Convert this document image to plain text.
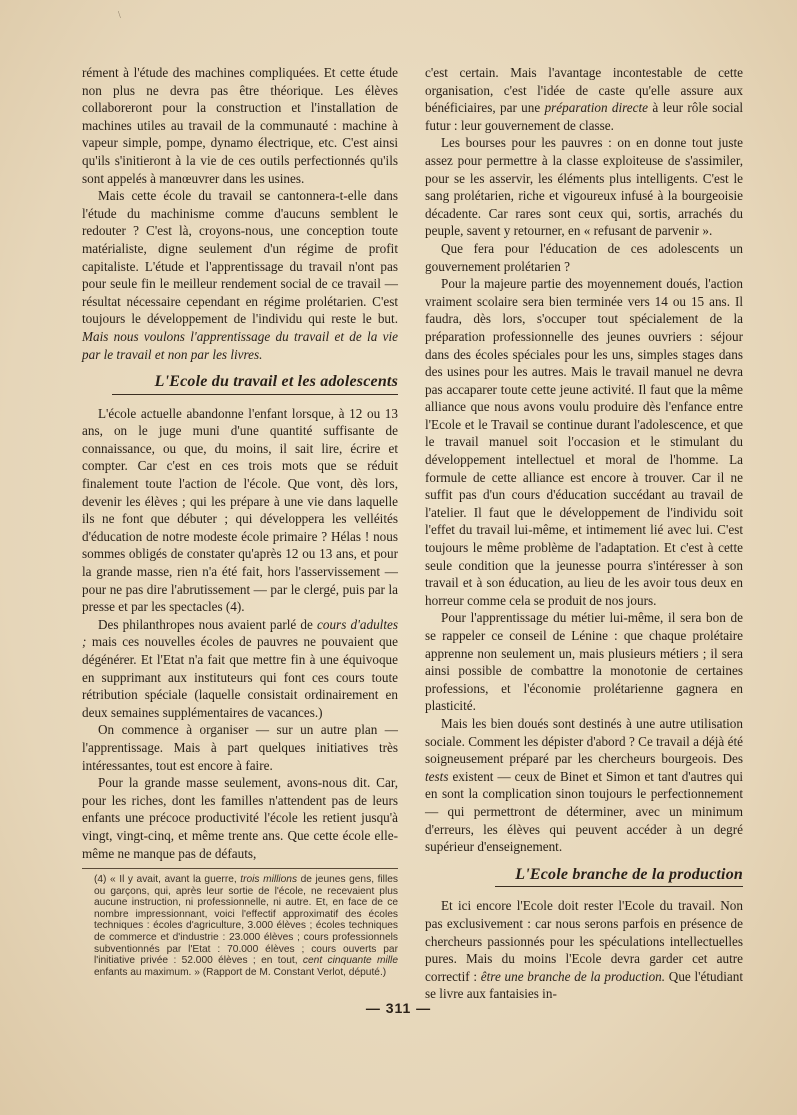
\

rément à l'étude des machines compliquées. Et cette étude non plus ne devra pas être théorique. Les élèves collaboreront pour la construction et l'installation de machines utiles au travail de la communauté : machine à vapeur simple, pompe, dynamo électrique, etc. C'est ainsi qu'ils s'initieront à la vie de ces outils perfectionnés qu'ils sont appelés à manœuvrer dans les usines.

Mais cette école du travail se cantonnera-t-elle dans l'étude du machinisme comme d'aucuns semblent le redouter ? C'est là, croyons-nous, une conception toute matérialiste, digne seulement d'un régime de profit capitaliste. L'étude et l'apprentissage du travail n'ont pas pour seule fin le meilleur rendement social de ce travail — résultat nécessaire cependant en régime prolétarien. C'est toujours le développement de l'individu qui reste le but. Mais nous voulons l'apprentissage du travail et de la vie par le travail et non par les livres.

L'Ecole du travail et les adolescents

L'école actuelle abandonne l'enfant lorsque, à 12 ou 13 ans, on le juge muni d'une quantité suffisante de connaissance, ou que, du moins, il sait lire, écrire et compter. Car c'est en ces trois mots que se réduit finalement toute l'action de l'école. Que vont, dès lors, devenir les élèves ; qui les prépare à une vie dans laquelle ils ne font que débuter ; qui développera les velléités d'éducation de notre modeste école primaire ? Hélas ! nous sommes obligés de constater qu'après 12 ou 13 ans, et pour la grande masse, rien n'a été fait, hors l'asservissement — pour ne pas dire l'abrutissement — par le clergé, puis par la presse et par les spectacles (4).

Des philanthropes nous avaient parlé de cours d'adultes ; mais ces nouvelles écoles de pauvres ne pouvaient que dégénérer. Et l'Etat n'a fait que mettre fin à une équivoque en supprimant aux instituteurs qui font ces cours toute rétribution spéciale (laquelle consistait ordinairement en deux semaines supplémentaires de vacances.)

On commence à organiser — sur un autre plan — l'apprentissage. Mais à part quelques initiatives très intéressantes, tout est encore à faire.

Pour la grande masse seulement, avons-nous dit. Car, pour les riches, dont les familles n'attendent pas de leurs enfants une précoce productivité l'école les retient jusqu'à vingt, vingt-cinq, et même trente ans. Que cette école elle-même ne manque pas de défauts,

(4) « Il y avait, avant la guerre, trois millions de jeunes gens, filles ou garçons, qui, après leur sortie de l'école, ne recevaient plus aucune instruction, ni professionnelle, ni autre. Et, en face de ce nombre impressionnant, voici l'effectif approximatif des écoles techniques : écoles d'agriculture, 3.000 élèves ; écoles techniques de commerce et d'industrie : 23.000 élèves ; cours professionnels subventionnés par l'Etat : 70.000 élèves ; cours ouverts par l'initiative privée : 52.000 élèves ; en tout, cent cinquante mille enfants au maximum. » (Rapport de M. Constant Verlot, député.)

c'est certain. Mais l'avantage incontestable de cette organisation, c'est l'idée de caste qu'elle assure aux bénéficiaires, par une préparation directe à leur rôle social futur : leur gouvernement de classe.

Les bourses pour les pauvres : on en donne tout juste assez pour permettre à la classe exploiteuse de s'assimiler, pour se les asservir, les éléments plus intelligents. C'est le sang prolétarien, riche et vigoureux infusé à la bourgeoisie décadente. Car rares sont ceux qui, sortis, arrachés du peuple, savent y retourner, en « refusant de parvenir ».

Que fera pour l'éducation de ces adolescents un gouvernement prolétarien ?

Pour la majeure partie des moyennement doués, l'action vraiment scolaire sera bien terminée vers 14 ou 15 ans. Il faudra, dès lors, s'occuper tout spécialement de la préparation professionnelle des jeunes ouvriers : séjour dans des écoles spéciales pour les uns, simples stages dans des usines pour les autres. Mais le travail manuel ne devra pas accaparer toute cette jeune activité. Il faut que la même alliance que nous avons voulu produire dès l'enfance entre l'Ecole et le Travail se continue durant l'adolescence, et que le travail manuel soit l'occasion et le stimulant du développement intellectuel et moral de l'homme. La formule de cette alliance est encore à trouver. Car il ne suffit pas d'un cours d'éducation succédant au travail de l'atelier. Il faut que le développement de l'individu soit l'effet du travail lui-même, et intimement lié avec lui. C'est toujours le même problème de l'adaptation. Et c'est à cette seule condition que la jeunesse pourra s'intéresser à son travail et à son éducation, au lieu de les avoir tous deux en horreur comme cela se produit de nos jours.

Pour l'apprentissage du métier lui-même, il sera bon de se rappeler ce conseil de Lénine : que chaque prolétaire apprenne non seulement un, mais plusieurs métiers ; il sera ainsi possible de combattre la monotonie de certaines professions, et l'économie prolétarienne gagnera en plasticité.

Mais les bien doués sont destinés à une autre utilisation sociale. Comment les dépister d'abord ? Ce travail a déjà été soigneusement préparé par les chercheurs bourgeois. Des tests existent — ceux de Binet et Simon et tant d'autres qui en sont la complication sinon toujours le perfectionnement — qui permettront de déterminer, avec un minimum d'erreurs, les élèves qui peuvent accéder à un degré supérieur d'enseignement.

L'Ecole branche de la production

Et ici encore l'Ecole doit rester l'Ecole du travail. Non pas exclusivement : car nous serons parfois en présence de chercheurs passionnés pour les spéculations intellectuelles pures. Mais du moins l'Ecole devra garder cet autre correctif : être une branche de la production. Que l'étudiant se livre aux fantaisies in-

— 311 —
